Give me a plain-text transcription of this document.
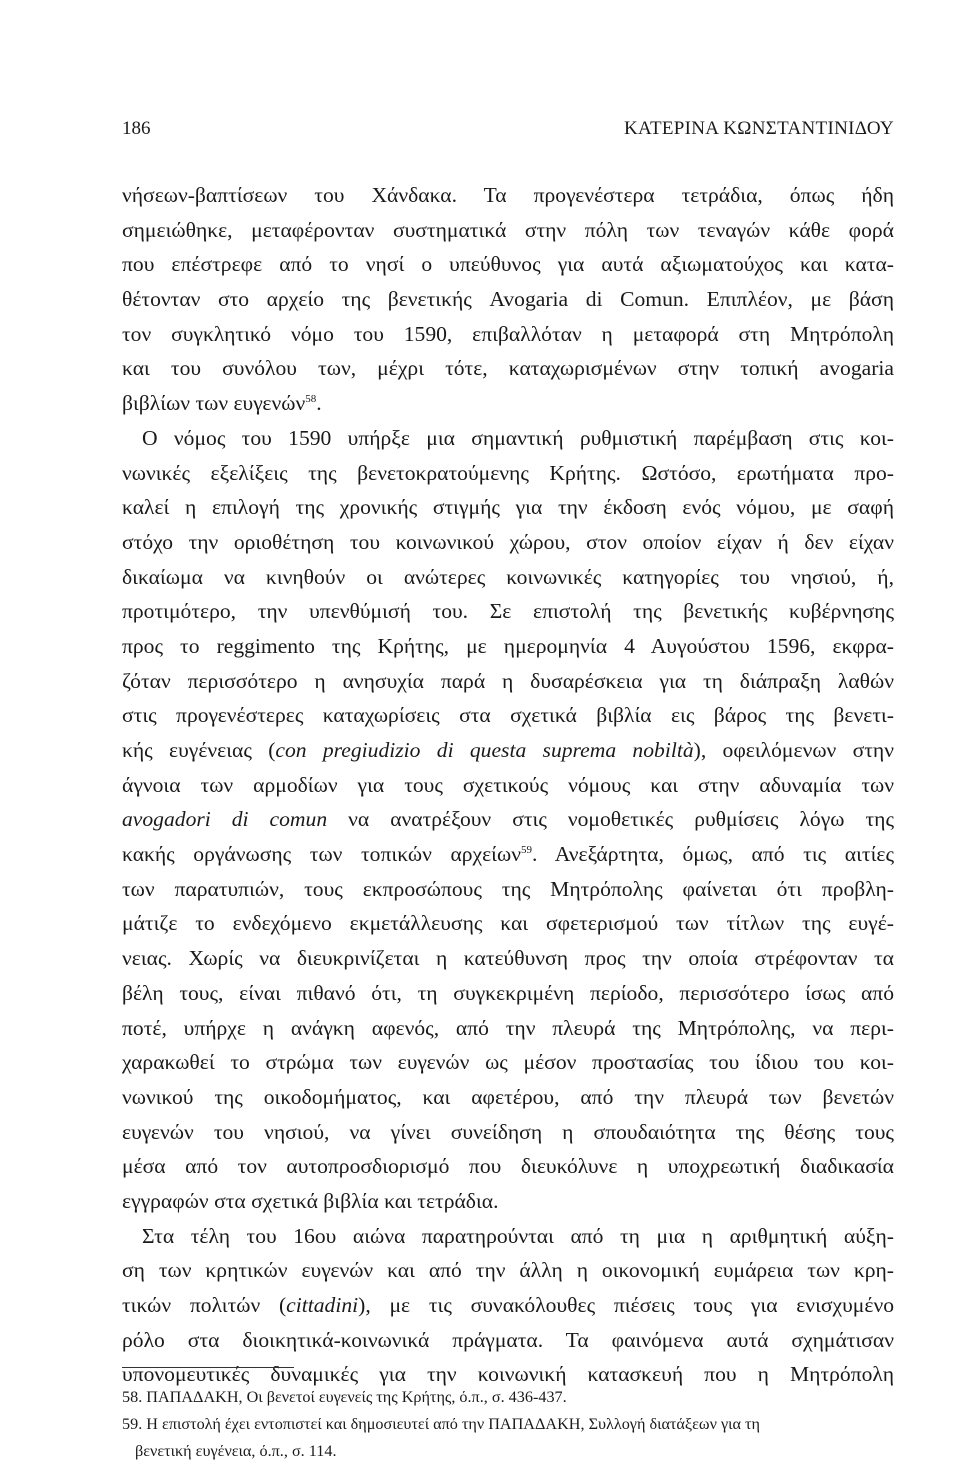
186	ΚΑΤΕΡΙΝΑ ΚΩΝΣΤΑΝΤΙΝΙΔΟΥ
νήσεων-βαπτίσεων του Χάνδακα. Τα προγενέστερα τετράδια, όπως ήδη
σημειώθηκε, μεταφέρονταν συστηματικά στην πόλη των τεναγών κάθε φορά
που επέστρεφε από το νησί ο υπεύθυνος για αυτά αξιωματούχος και κατα-
θέτονταν στο αρχείο της βενετικής Avogaria di Comun. Επιπλέον, με βάση
τον συγκλητικό νόμο του 1590, επιβαλλόταν η μεταφορά στη Μητρόπολη
και του συνόλου των, μέχρι τότε, καταχωρισμένων στην τοπική avogaria
βιβλίων των ευγενών$^{58}$.
Ο νόμος του 1590 υπήρξε μια σημαντική ρυθμιστική παρέμβαση στις κοι-
νωνικές εξελίξεις της βενετοκρατούμενης Κρήτης. Ωστόσο, ερωτήματα προ-
καλεί η επιλογή της χρονικής στιγμής για την έκδοση ενός νόμου, με σαφή
στόχο την οριοθέτηση του κοινωνικού χώρου, στον οποίον είχαν ή δεν είχαν
δικαίωμα να κινηθούν οι ανώτερες κοινωνικές κατηγορίες του νησιού, ή,
προτιμότερο, την υπενθύμισή του. Σε επιστολή της βενετικής κυβέρνησης
προς το reggimento της Κρήτης, με ημερομηνία 4 Αυγούστου 1596, εκφρα-
ζόταν περισσότερο η ανησυχία παρά η δυσαρέσκεια για τη διάπραξη λαθών
στις προγενέστερες καταχωρίσεις στα σχετικά βιβλία εις βάρος της βενετι-
κής ευγένειας (con pregiudizio di questa suprema nobiltà), οφειλόμενων στην
άγνοια των αρμοδίων για τους σχετικούς νόμους και στην αδυναμία των
avogadori di comun να ανατρέξουν στις νομοθετικές ρυθμίσεις λόγω της
κακής οργάνωσης των τοπικών αρχείων$^{59}$. Ανεξάρτητα, όμως, από τις αιτίες
των παρατυπιών, τους εκπροσώπους της Μητρόπολης φαίνεται ότι προβλη-
μάτιζε το ενδεχόμενο εκμετάλλευσης και σφετερισμού των τίτλων της ευγέ-
νειας. Χωρίς να διευκρινίζεται η κατεύθυνση προς την οποία στρέφονταν τα
βέλη τους, είναι πιθανό ότι, τη συγκεκριμένη περίοδο, περισσότερο ίσως από
ποτέ, υπήρχε η ανάγκη αφενός, από την πλευρά της Μητρόπολης, να περι-
χαρακωθεί το στρώμα των ευγενών ως μέσον προστασίας του ίδιου του κοι-
νωνικού της οικοδομήματος, και αφετέρου, από την πλευρά των βενετών
ευγενών του νησιού, να γίνει συνείδηση η σπουδαιότητα της θέσης τους
μέσα από τον αυτοπροσδιορισμό που διευκόλυνε η υποχρεωτική διαδικασία
εγγραφών στα σχετικά βιβλία και τετράδια.
Στα τέλη του 16ου αιώνα παρατηρούνται από τη μια η αριθμητική αύξη-
ση των κρητικών ευγενών και από την άλλη η οικονομική ευμάρεια των κρη-
τικών πολιτών (cittadini), με τις συνακόλουθες πιέσεις τους για ενισχυμένο
ρόλο στα διοικητικά-κοινωνικά πράγματα. Τα φαινόμενα αυτά σχημάτισαν
υπονομευτικές δυναμικές για την κοινωνική κατασκευή που η Μητρόπολη
58. ΠΑΠΑΔΑΚΗ, Οι βενετοί ευγενείς της Κρήτης, ό.π., σ. 436-437.
59. Η επιστολή έχει εντοπιστεί και δημοσιευτεί από την ΠΑΠΑΔΑΚΗ, Συλλογή διατάξεων για τη
βενετική ευγένεια, ό.π., σ. 114.
